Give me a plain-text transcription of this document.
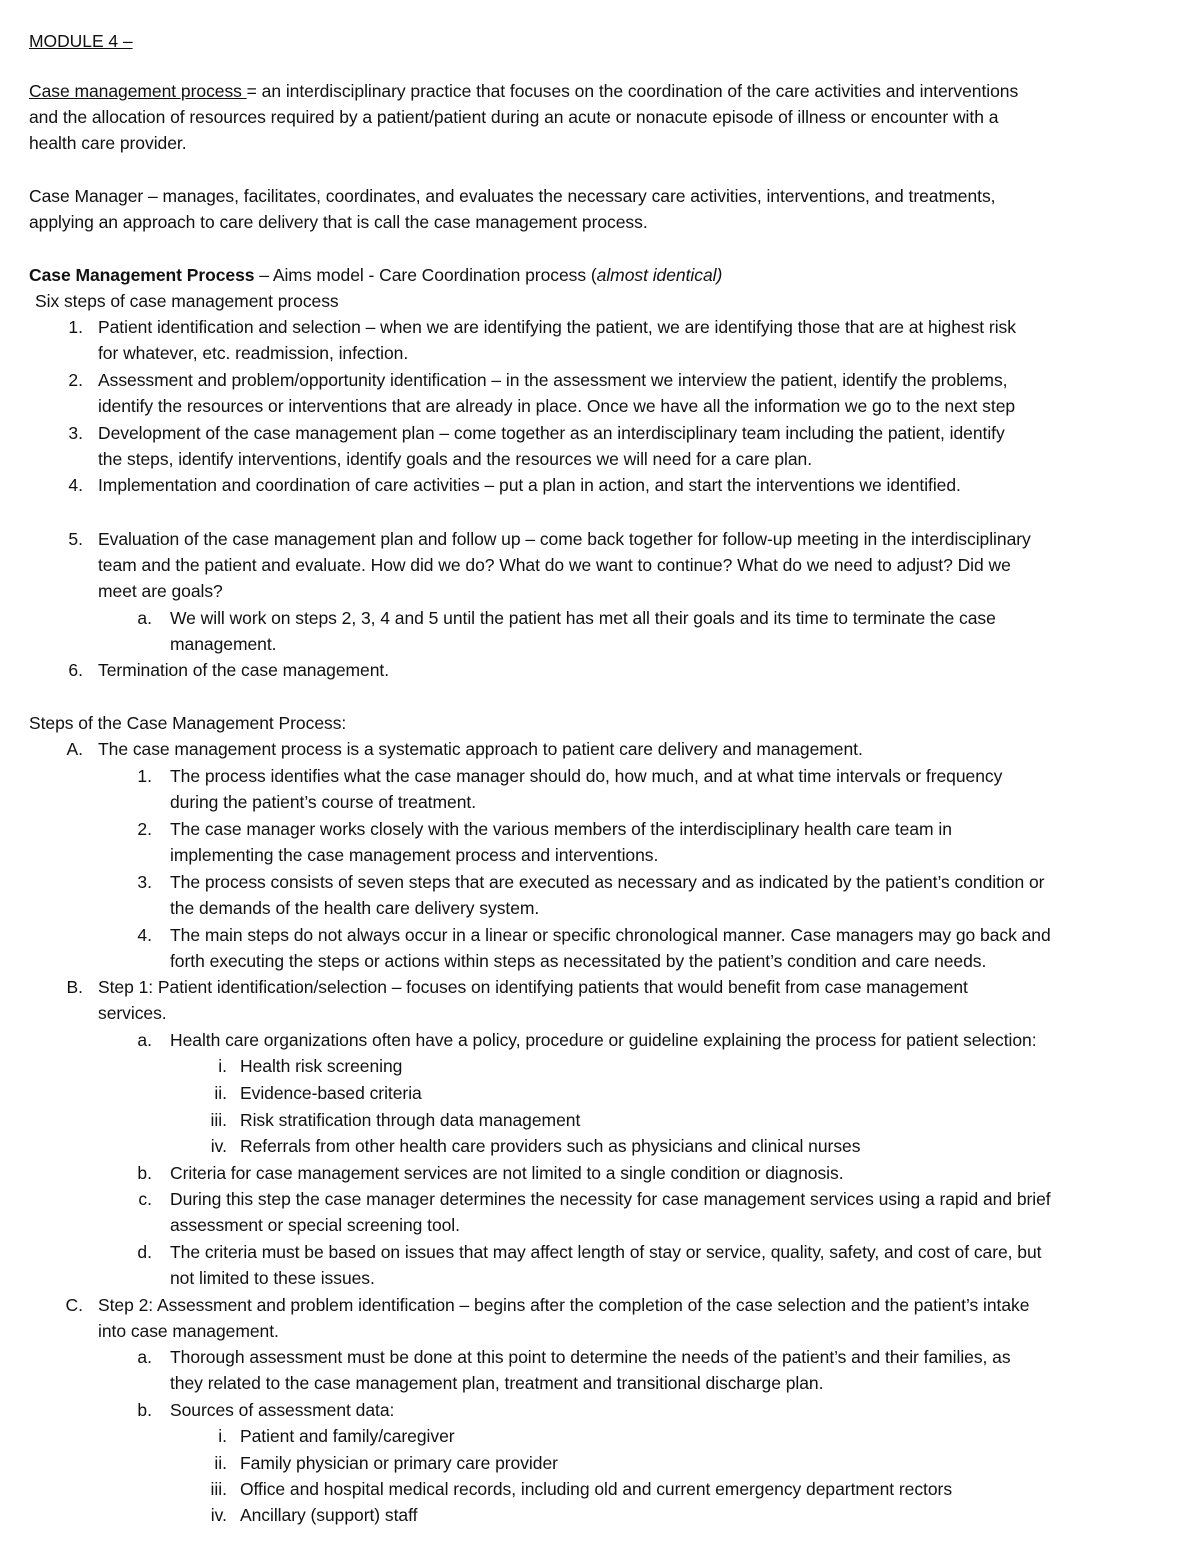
MODULE 4 –
Case management process = an interdisciplinary practice that focuses on the coordination of the care activities and interventions
and the allocation of resources required by a patient/patient during an acute or nonacute episode of illness or encounter with a
health care provider.
Case Manager – manages, facilitates, coordinates, and evaluates the necessary care activities, interventions, and treatments,
applying an approach to care delivery that is call the case management process.
Case Management Process – Aims model - Care Coordination process (almost identical)
Six steps of case management process
1. Patient identification and selection – when we are identifying the patient, we are identifying those that are at highest risk
for whatever, etc. readmission, infection.
2. Assessment and problem/opportunity identification – in the assessment we interview the patient, identify the problems,
identify the resources or interventions that are already in place. Once we have all the information we go to the next step
3. Development of the case management plan – come together as an interdisciplinary team including the patient, identify
the steps, identify interventions, identify goals and the resources we will need for a care plan.
4. Implementation and coordination of care activities – put a plan in action, and start the interventions we identified.
5. Evaluation of the case management plan and follow up – come back together for follow-up meeting in the interdisciplinary
team and the patient and evaluate. How did we do? What do we want to continue? What do we need to adjust? Did we
meet are goals?
a. We will work on steps 2, 3, 4 and 5 until the patient has met all their goals and its time to terminate the case
management.
6. Termination of the case management.
Steps of the Case Management Process:
A. The case management process is a systematic approach to patient care delivery and management.
1. The process identifies what the case manager should do, how much, and at what time intervals or frequency
during the patient’s course of treatment.
2. The case manager works closely with the various members of the interdisciplinary health care team in
implementing the case management process and interventions.
3. The process consists of seven steps that are executed as necessary and as indicated by the patient’s condition or
the demands of the health care delivery system.
4. The main steps do not always occur in a linear or specific chronological manner. Case managers may go back and
forth executing the steps or actions within steps as necessitated by the patient’s condition and care needs.
B. Step 1: Patient identification/selection – focuses on identifying patients that would benefit from case management
services.
a. Health care organizations often have a policy, procedure or guideline explaining the process for patient selection:
i. Health risk screening
ii. Evidence-based criteria
iii. Risk stratification through data management
iv. Referrals from other health care providers such as physicians and clinical nurses
b. Criteria for case management services are not limited to a single condition or diagnosis.
c. During this step the case manager determines the necessity for case management services using a rapid and brief
assessment or special screening tool.
d. The criteria must be based on issues that may affect length of stay or service, quality, safety, and cost of care, but
not limited to these issues.
C. Step 2: Assessment and problem identification – begins after the completion of the case selection and the patient’s intake
into case management.
a. Thorough assessment must be done at this point to determine the needs of the patient’s and their families, as
they related to the case management plan, treatment and transitional discharge plan.
b. Sources of assessment data:
i. Patient and family/caregiver
ii. Family physician or primary care provider
iii. Office and hospital medical records, including old and current emergency department rectors
iv. Ancillary (support) staff
